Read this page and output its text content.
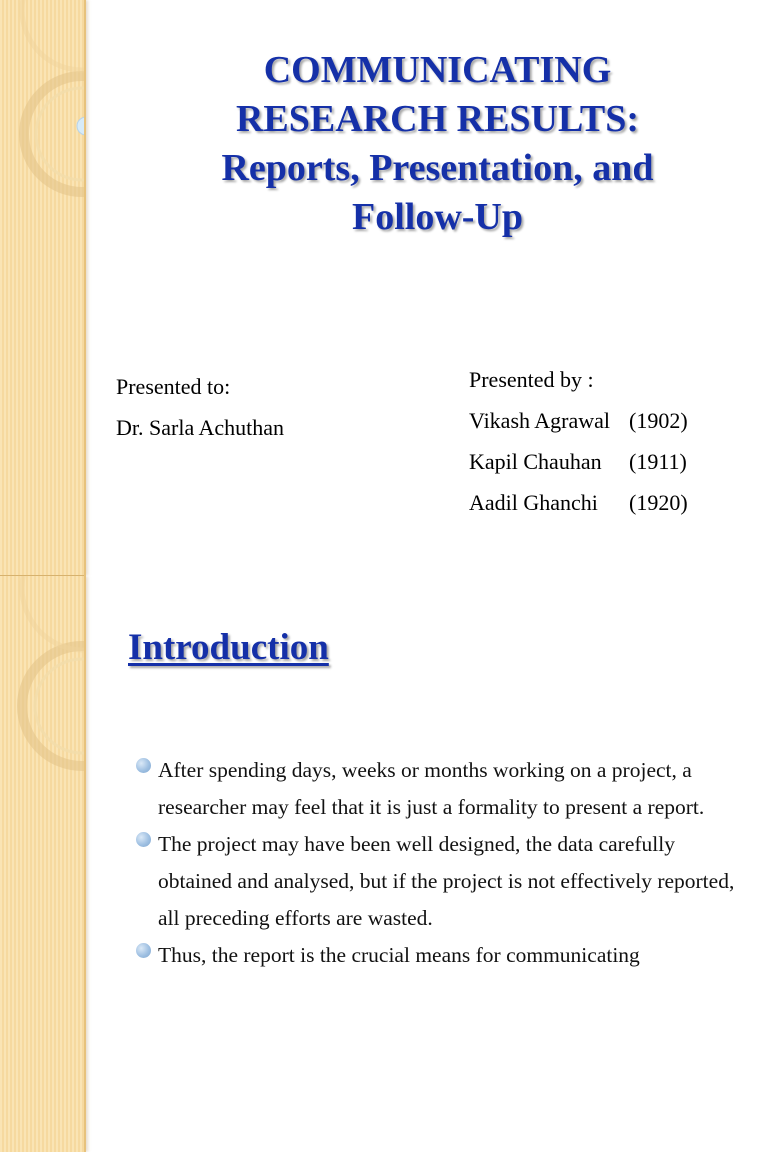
COMMUNICATING
RESEARCH RESULTS:
Reports, Presentation, and
Follow-Up
Presented to:
Dr. Sarla Achuthan
Presented by :
Vikash Agrawal (1902)
Kapil Chauhan	(1911)
Aadil Ghanchi	(1920)
Introduction
After spending days, weeks or months working on a project, a researcher may feel that it is just a formality to present a report.
The project may have been well designed, the data carefully obtained and analysed, but if the project is not effectively reported, all preceding efforts are wasted.
Thus, the report is the crucial means for communicating
